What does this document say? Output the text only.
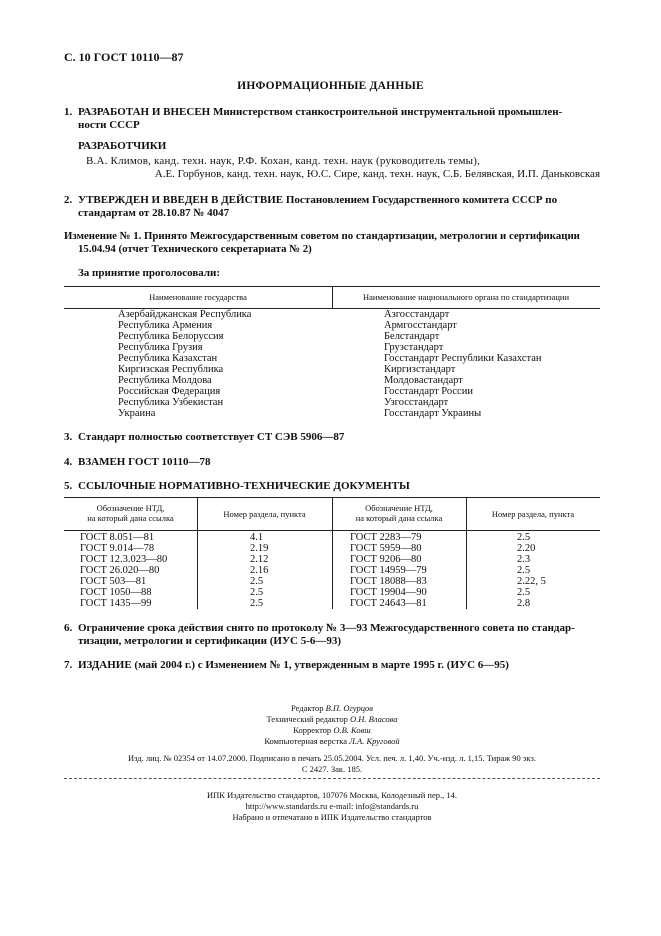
С. 10 ГОСТ 10110—87
ИНФОРМАЦИОННЫЕ ДАННЫЕ
1. РАЗРАБОТАН И ВНЕСЕН Министерством станкостроительной инструментальной промышлен-
ности СССР
РАЗРАБОТЧИКИ
В.А. Климов, канд. техн. наук, Р.Ф. Кохан, канд. техн. наук (руководитель темы),
А.Е. Горбунов, канд. техн. наук, Ю.С. Сире, канд. техн. наук, С.Б. Белявская, И.П. Даньковская
2. УТВЕРЖДЕН И ВВЕДЕН В ДЕЙСТВИЕ Постановлением Государственного комитета СССР по
стандартам от 28.10.87 № 4047
Изменение № 1. Принято Межгосударственным советом по стандартизации, метрологии и сертификации
15.04.94 (отчет Технического секретариата № 2)
За принятие проголосовали:
Наименование государства	Наименование национального органа по стандартизации
Азербайджанская Республика	Азгосстандарт
Республика Армения	Армгосстандарт
Республика Белоруссия	Белстандарт
Республика Грузия	Грузстандарт
Республика Казахстан	Госстандарт Республики Казахстан
Киргизская Республика	Киргизстандарт
Республика Молдова	Молдовастандарт
Российская Федерация	Госстандарт России
Республика Узбекистан	Узгосстандарт
Украина	Госстандарт Украины
3. Стандарт полностью соответствует СТ СЭВ 5906—87
4. ВЗАМЕН ГОСТ 10110—78
5. ССЫЛОЧНЫЕ НОРМАТИВНО-ТЕХНИЧЕСКИЕ ДОКУМЕНТЫ
Обозначение НТД,
на который дана ссылка	Номер раздела, пункта
Обозначение НТД,
на который дана ссылка	Номер раздела, пункта
ГОСТ 8.051—81	4.1	ГОСТ 2283—79	2.5
ГОСТ 9.014—78	2.19	ГОСТ 5959—80	2.20
ГОСТ 12.3.023—80	2.12	ГОСТ 9206—80	2.3
ГОСТ 26.020—80	2.16	ГОСТ 14959—79	2.5
ГОСТ 503—81	2.5	ГОСТ 18088—83	2.22, 5
ГОСТ 1050—88	2.5	ГОСТ 19904—90	2.5
ГОСТ 1435—99	2.5	ГОСТ 24643—81	2.8
6. Ограничение срока действия снято по протоколу № 3—93 Межгосударственного совета по стандар-
тизации, метрологии и сертификации (ИУС 5-6—93)
7. ИЗДАНИЕ (май 2004 г.) с Изменением № 1, утвержденным в марте 1995 г. (ИУС 6—95)
Редактор В.П. Огурцов
Технический редактор О.Н. Власова
Корректор О.В. Ковш
Компьютерная верстка Л.А. Круговой
Изд. лиц. № 02354 от 14.07.2000. Подписано в печать 25.05.2004. Усл. печ. л. 1,40. Уч.-изд. л. 1,15. Тираж 90 экз.
С 2427. Зак. 185.
ИПК Издательство стандартов, 107076 Москва, Колодезный пер., 14.
http://www.standards.ru e-mail: info@standards.ru
Набрано и отпечатано в ИПК Издательство стандартов
